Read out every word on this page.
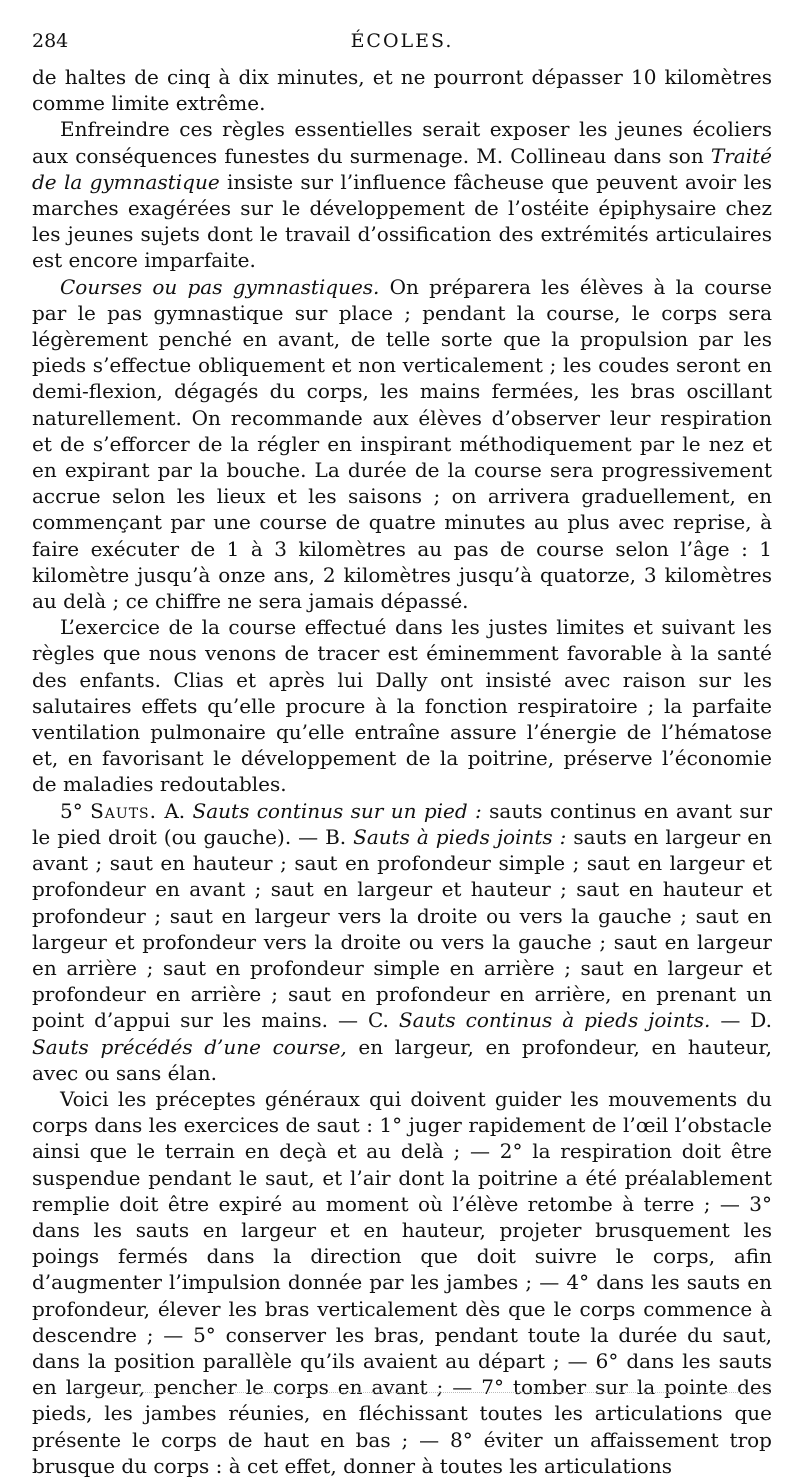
284	ÉCOLES.

de haltes de cinq à dix minutes, et ne pourront dépasser 10 kilomètres comme limite extrême.

Enfreindre ces règles essentielles serait exposer les jeunes écoliers aux conséquences funestes du surmenage. M. Collineau dans son Traité de la gymnastique insiste sur l’influence fâcheuse que peuvent avoir les marches exagérées sur le développement de l’ostéite épiphysaire chez les jeunes sujets dont le travail d’ossification des extrémités articulaires est encore imparfaite.

Courses ou pas gymnastiques. On préparera les élèves à la course par le pas gymnastique sur place ; pendant la course, le corps sera légèrement penché en avant, de telle sorte que la propulsion par les pieds s’effectue obliquement et non verticalement ; les coudes seront en demi-flexion, dégagés du corps, les mains fermées, les bras oscillant naturellement. On recommande aux élèves d’observer leur respiration et de s’efforcer de la régler en inspirant méthodiquement par le nez et en expirant par la bouche. La durée de la course sera progressivement accrue selon les lieux et les saisons ; on arrivera graduellement, en commençant par une course de quatre minutes au plus avec reprise, à faire exécuter de 1 à 3 kilomètres au pas de course selon l’âge : 1 kilomètre jusqu’à onze ans, 2 kilomètres jusqu’à quatorze, 3 kilomètres au delà ; ce chiffre ne sera jamais dépassé.

L’exercice de la course effectué dans les justes limites et suivant les règles que nous venons de tracer est éminemment favorable à la santé des enfants. Clias et après lui Dally ont insisté avec raison sur les salutaires effets qu’elle procure à la fonction respiratoire ; la parfaite ventilation pulmonaire qu’elle entraîne assure l’énergie de l’hématose et, en favorisant le développement de la poitrine, préserve l’économie de maladies redoutables.

5° Sauts. A. Sauts continus sur un pied : sauts continus en avant sur le pied droit (ou gauche). — B. Sauts à pieds joints : sauts en largeur en avant ; saut en hauteur ; saut en profondeur simple ; saut en largeur et profondeur en avant ; saut en largeur et hauteur ; saut en hauteur et profondeur ; saut en largeur vers la droite ou vers la gauche ; saut en largeur et profondeur vers la droite ou vers la gauche ; saut en largeur en arrière ; saut en profondeur simple en arrière ; saut en largeur et profondeur en arrière ; saut en profondeur en arrière, en prenant un point d’appui sur les mains. — C. Sauts continus à pieds joints. — D. Sauts précédés d’une course, en largeur, en profondeur, en hauteur, avec ou sans élan.

Voici les préceptes généraux qui doivent guider les mouvements du corps dans les exercices de saut : 1° juger rapidement de l’œil l’obstacle ainsi que le terrain en deçà et au delà ; — 2° la respiration doit être suspendue pendant le saut, et l’air dont la poitrine a été préalablement remplie doit être expiré au moment où l’élève retombe à terre ; — 3° dans les sauts en largeur et en hauteur, projeter brusquement les poings fermés dans la direction que doit suivre le corps, afin d’augmenter l’impulsion donnée par les jambes ; — 4° dans les sauts en profondeur, élever les bras verticalement dès que le corps commence à descendre ; — 5° conserver les bras, pendant toute la durée du saut, dans la position parallèle qu’ils avaient au départ ; — 6° dans les sauts en largeur, pencher le corps en avant ; — 7° tomber sur la pointe des pieds, les jambes réunies, en fléchissant toutes les articulations que présente le corps de haut en bas ; — 8° éviter un affaissement trop brusque du corps : à cet effet, donner à toutes les articulations
